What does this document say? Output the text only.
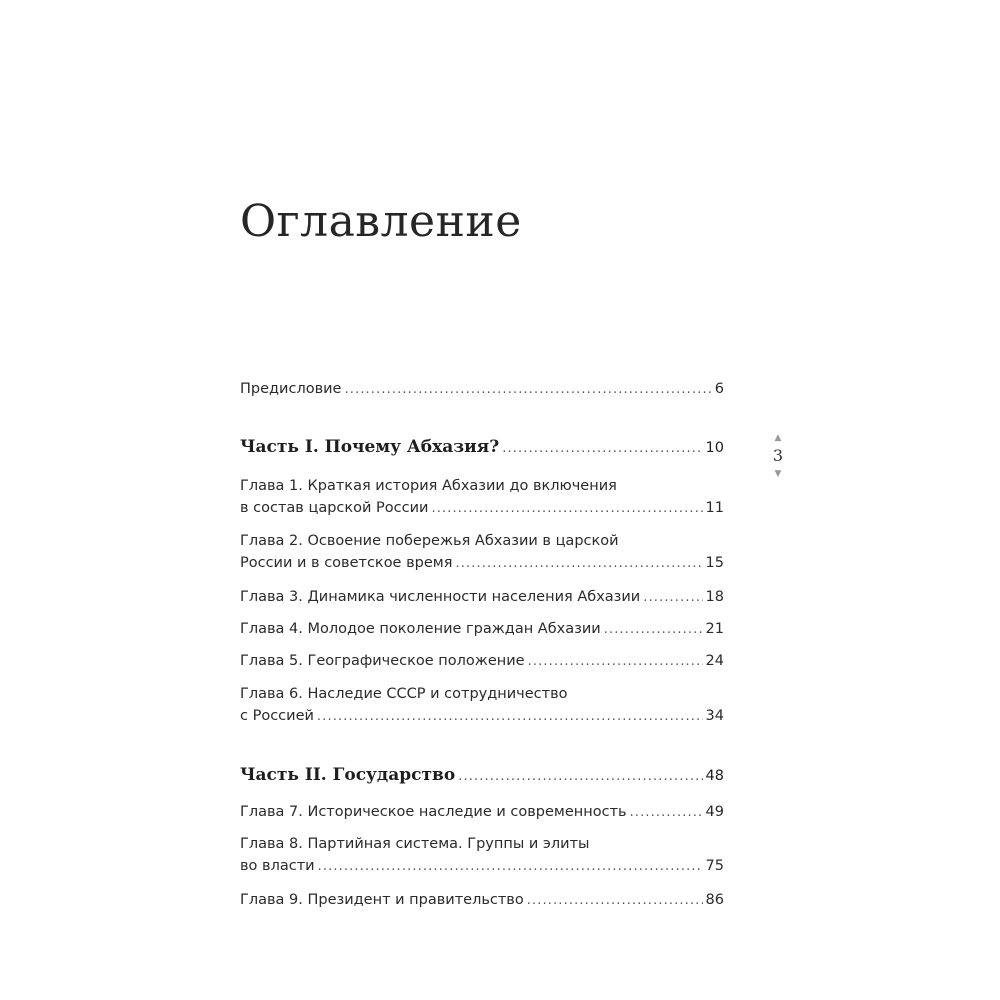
Оглавление
Предисловие . . .	6
Часть I. Почему Абхазия? . . .	10
Глава 1. Краткая история Абхазии до включения
в состав царской России . . .	11
Глава 2. Освоение побережья Абхазии в царской
России и в советское время . . .	15
Глава 3. Динамика численности населения Абхазии . . .	18
Глава 4. Молодое поколение граждан Абхазии . . .	21
Глава 5. Географическое положение . . .	24
Глава 6. Наследие СССР и сотрудничество
с Россией . . .	34
Часть II. Государство . . .	48
Глава 7. Историческое наследие и современность . . .	49
Глава 8. Партийная система. Группы и элиты
во власти . . .	75
Глава 9. Президент и правительство . . .	86
▲
3
▼
